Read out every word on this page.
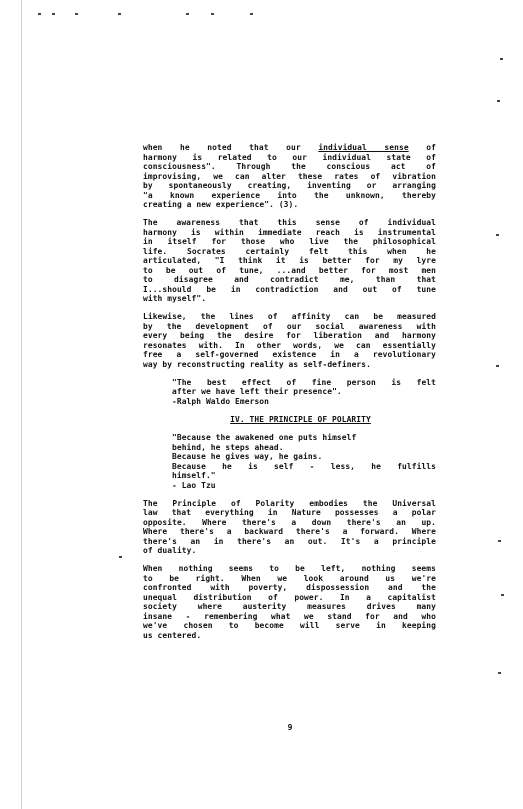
when he noted that our individual sense of
harmony is related to our individual state of
consciousness". Through the conscious act of
improvising, we can alter these rates of vibration
by spontaneously creating, inventing or arranging
"a known experience into the unknown, thereby
creating a new experience". (3).
The awareness that this sense of individual
harmony is within immediate reach is instrumental
in itself for those who live the philosophical
life. Socrates certainly felt this when he
articulated, "I think it is better for my lyre
to be out of tune, ...and better for most men
to disagree and contradict me, than that
I...should be in contradiction and out of tune
with myself".
Likewise, the lines of affinity can be measured
by the development of our social awareness with
every being the desire for liberation and harmony
resonates with. In other words, we can essentially
free a self-governed existence in a revolutionary
way by reconstructing reality as self-definers.
"The best effect of fine person is felt
after we have left their presence".
-Ralph Waldo Emerson
IV. THE PRINCIPLE OF POLARITY
"Because the awakened one puts himself
behind, he steps ahead.
Because he gives way, he gains.
Because he is self - less, he fulfills
himself."
- Lao Tzu
The Principle of Polarity embodies the Universal
law that everything in Nature possesses a polar
opposite. Where there's a down there's an up.
Where there's a backward there's a forward. Where
there's an in there's an out. It's a principle
of duality.
When nothing seems to be left, nothing seems
to be right. When we look around us we're
confronted with poverty, dispossession and the
unequal distribution of power. In a capitalist
society where austerity measures drives many
insane - remembering what we stand for and who
we've chosen to become will serve in keeping
us centered.
9
